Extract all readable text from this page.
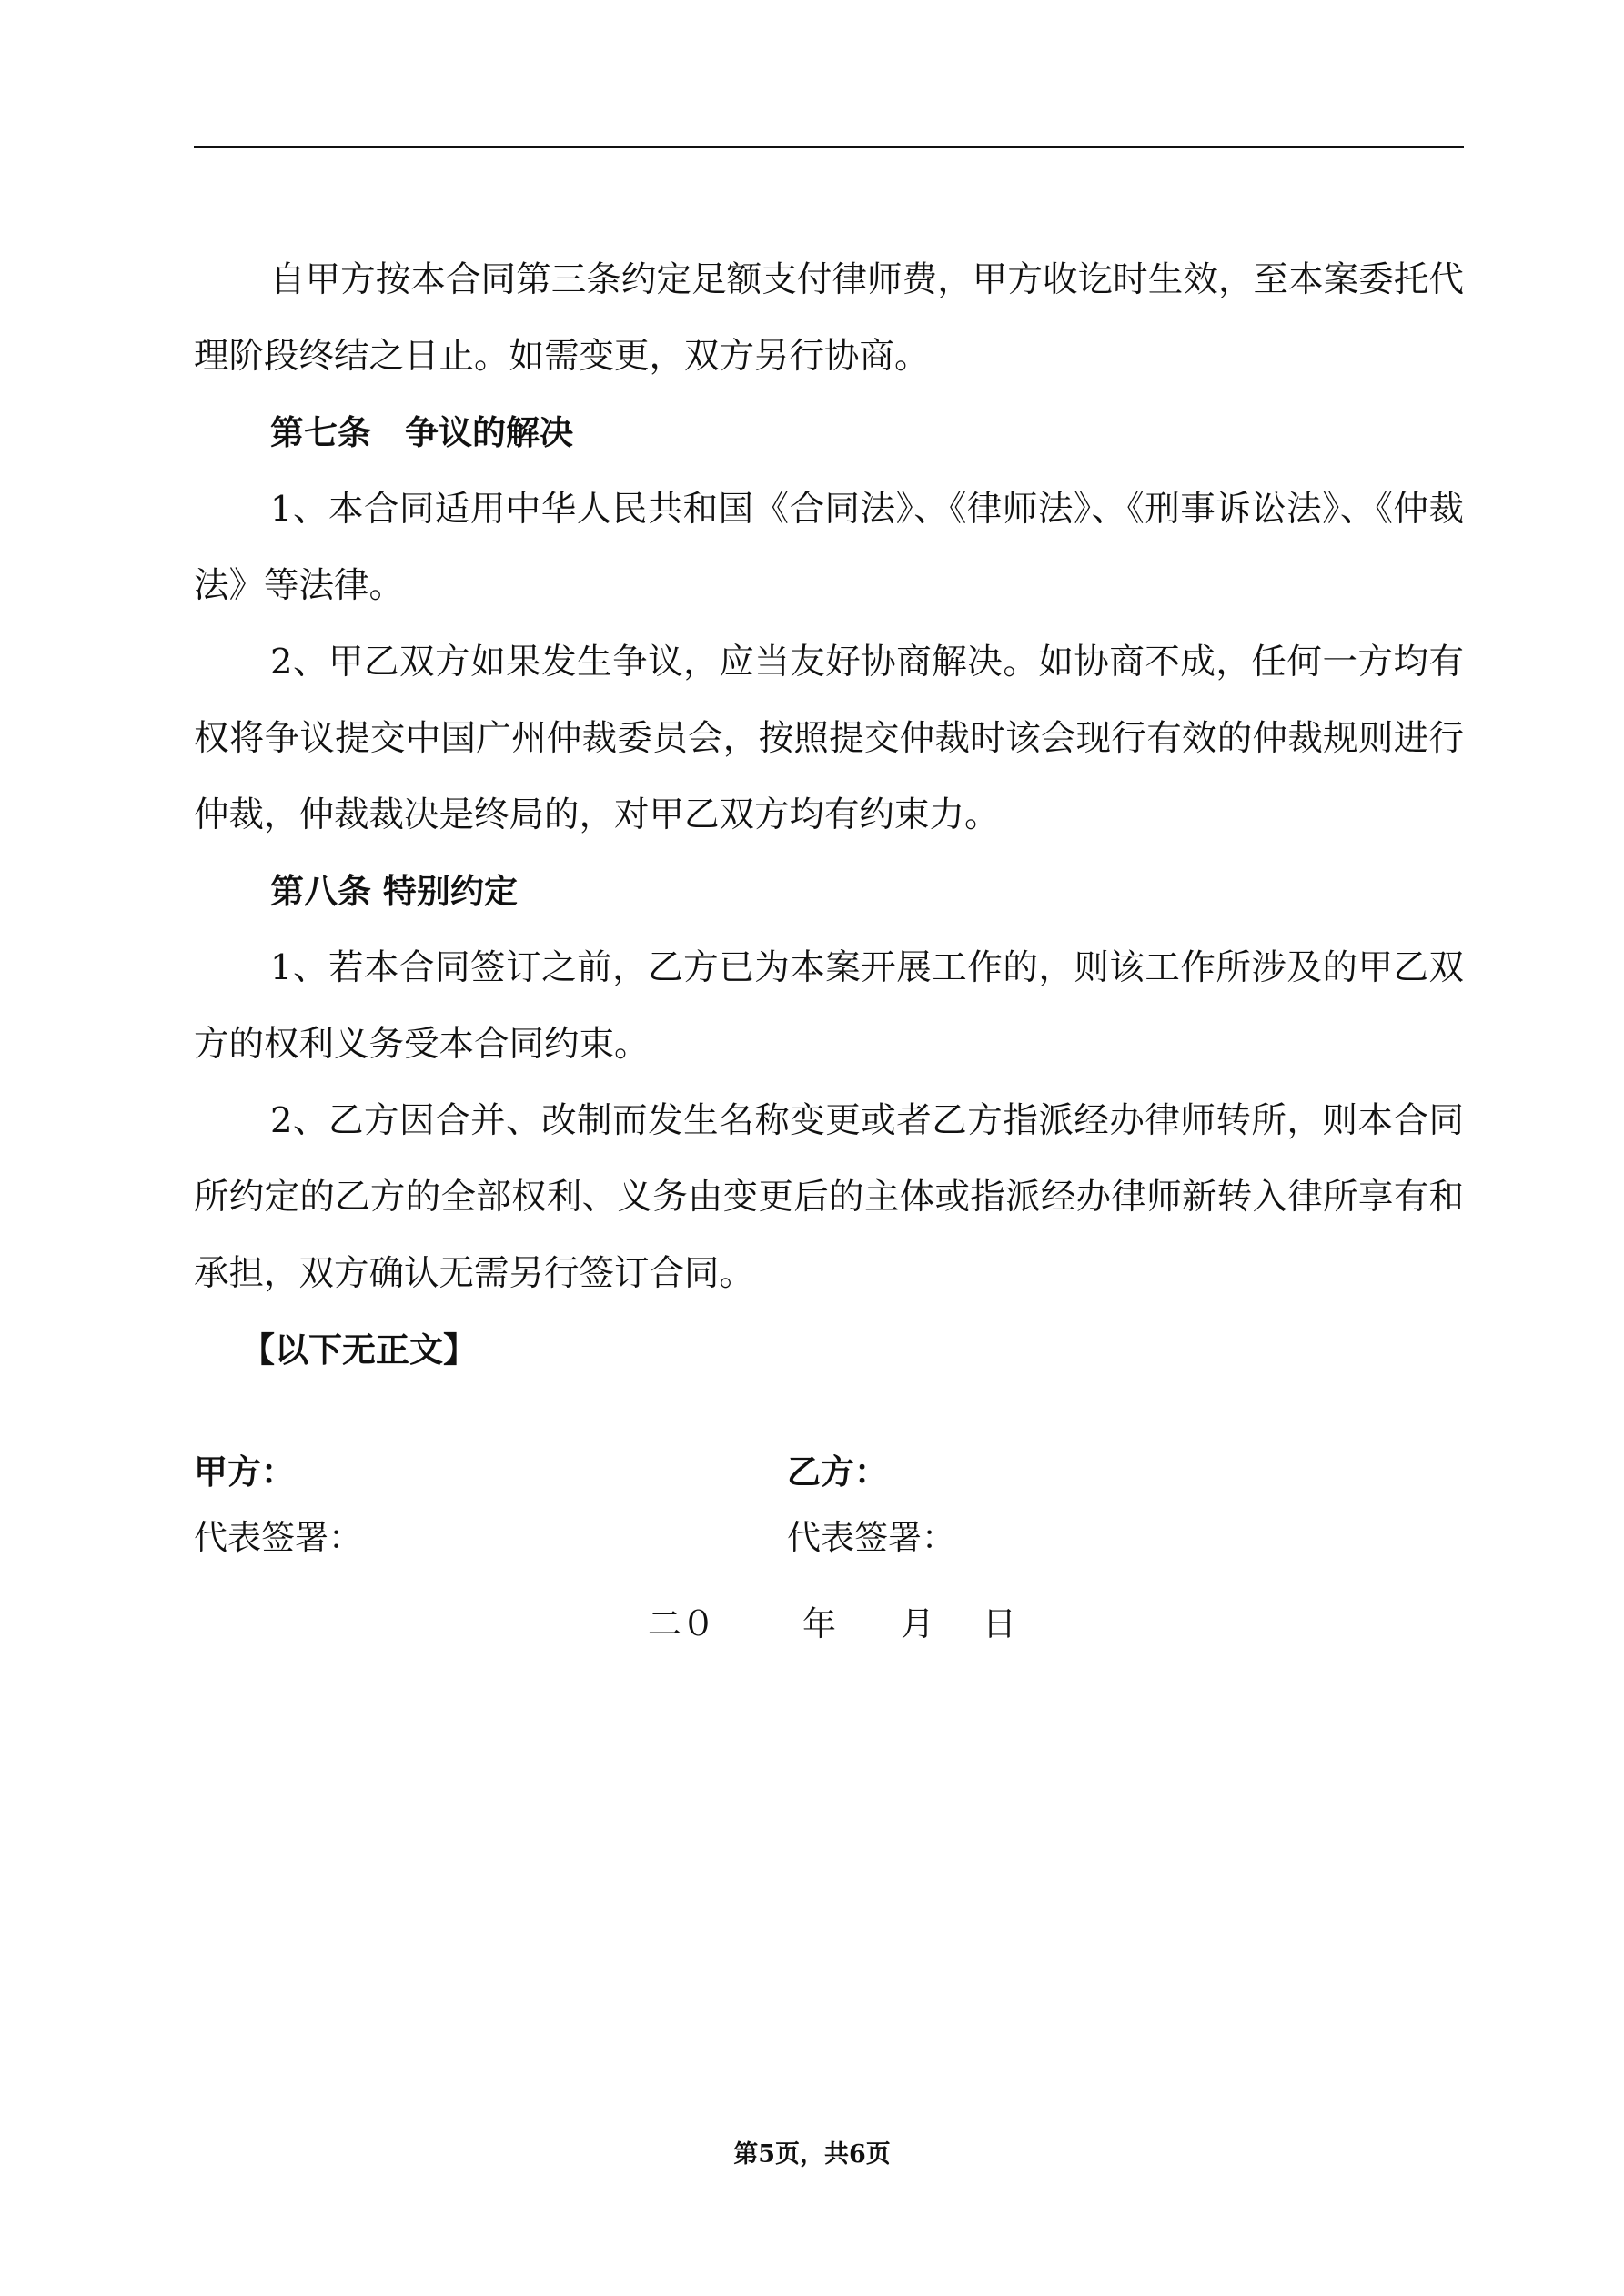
自甲方按本合同第三条约定足额支付律师费，甲方收讫时生效，至本案委托代理阶段终结之日止。如需变更，双方另行协商。

第七条　争议的解决

1、本合同适用中华人民共和国《合同法》、《律师法》、《刑事诉讼法》、《仲裁法》等法律。

2、甲乙双方如果发生争议，应当友好协商解决。如协商不成，任何一方均有权将争议提交中国广州仲裁委员会，按照提交仲裁时该会现行有效的仲裁规则进行仲裁，仲裁裁决是终局的，对甲乙双方均有约束力。

第八条 特别约定

1、若本合同签订之前，乙方已为本案开展工作的，则该工作所涉及的甲乙双方的权利义务受本合同约束。

2、乙方因合并、改制而发生名称变更或者乙方指派经办律师转所，则本合同所约定的乙方的全部权利、义务由变更后的主体或指派经办律师新转入律所享有和承担，双方确认无需另行签订合同。

【以下无正文】

甲方：
代表签署：
乙方：
代表签署：
二０	年 月 日
第5页，共6页
